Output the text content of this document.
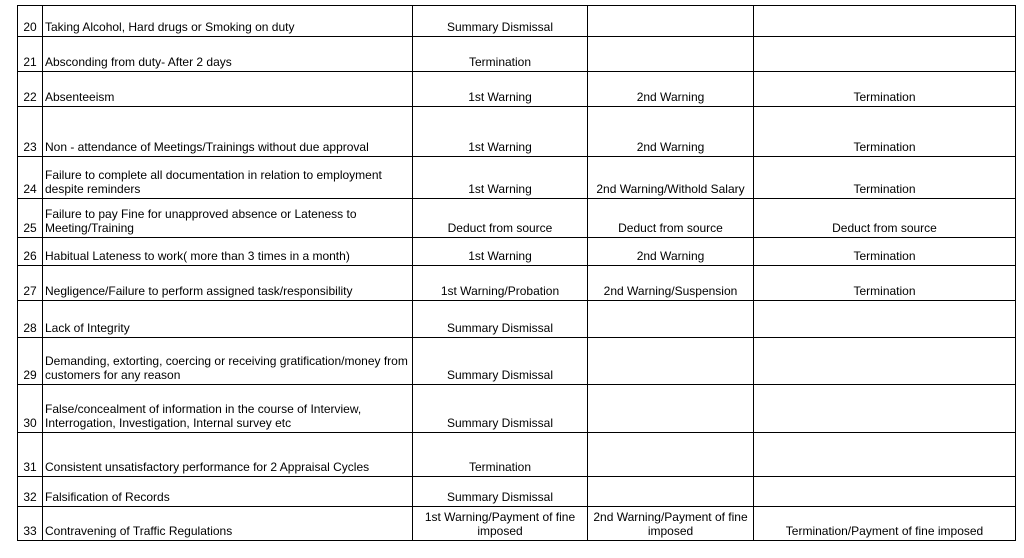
20	Taking Alcohol, Hard drugs or Smoking on duty	Summary Dismissal		
21	Absconding from duty- After 2 days	Termination		
22	Absenteeism	1st Warning	2nd Warning	Termination
23	Non - attendance of Meetings/Trainings without due approval	1st Warning	2nd Warning	Termination
24	Failure to complete all documentation in relation to employment despite reminders	1st Warning	2nd Warning/Withold Salary	Termination
25	Failure to pay Fine for unapproved absence or Lateness to Meeting/Training	Deduct from source	Deduct from source	Deduct from source
26	Habitual Lateness to work( more than 3 times in a month)	1st Warning	2nd Warning	Termination
27	Negligence/Failure to perform assigned task/responsibility	1st Warning/Probation	2nd Warning/Suspension	Termination
28	Lack of Integrity	Summary Dismissal		
29	Demanding, extorting, coercing or receiving gratification/money from customers for any reason	Summary Dismissal		
30	False/concealment of information in the course of Interview, Interrogation, Investigation, Internal survey etc	Summary Dismissal		
31	Consistent unsatisfactory performance for 2 Appraisal Cycles	Termination		
32	Falsification of Records	Summary Dismissal		
33	Contravening of Traffic Regulations	1st Warning/Payment of fine imposed	2nd Warning/Payment of fine imposed	Termination/Payment of fine imposed
